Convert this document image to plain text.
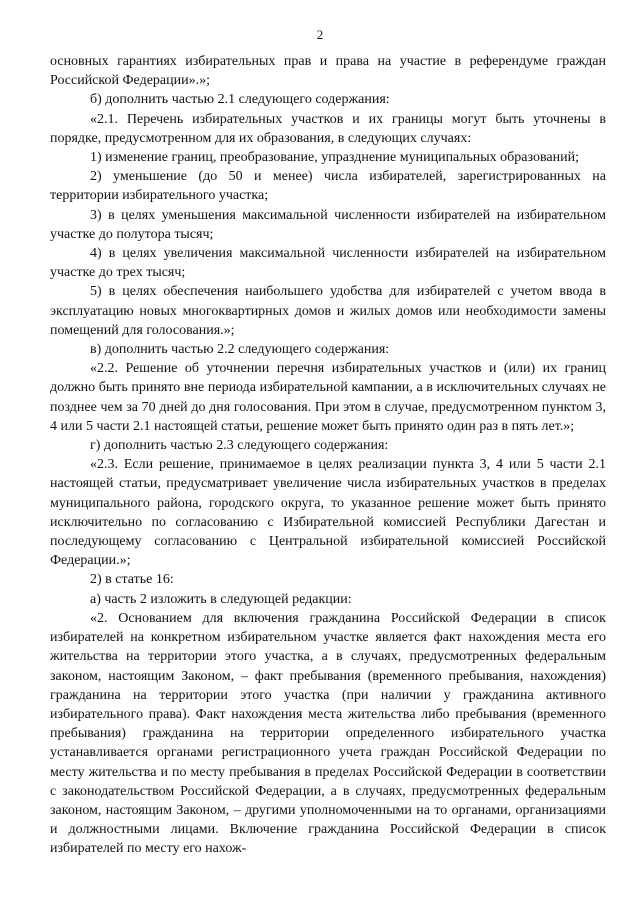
2

основных гарантиях избирательных прав и права на участие в референдуме граждан Российской Федерации».»;

б) дополнить частью 2.1 следующего содержания:

«2.1. Перечень избирательных участков и их границы могут быть уточнены в порядке, предусмотренном для их образования, в следующих случаях:

1) изменение границ, преобразование, упразднение муниципальных образований;

2) уменьшение (до 50 и менее) числа избирателей, зарегистрированных на территории избирательного участка;

3) в целях уменьшения максимальной численности избирателей на избирательном участке до полутора тысяч;

4) в целях увеличения максимальной численности избирателей на избирательном участке до трех тысяч;

5) в целях обеспечения наибольшего удобства для избирателей с учетом ввода в эксплуатацию новых многоквартирных домов и жилых домов или необходимости замены помещений для голосования.»;

в) дополнить частью 2.2 следующего содержания:

«2.2. Решение об уточнении перечня избирательных участков и (или) их границ должно быть принято вне периода избирательной кампании, а в исключительных случаях не позднее чем за 70 дней до дня голосования. При этом в случае, предусмотренном пунктом 3, 4 или 5 части 2.1 настоящей статьи, решение может быть принято один раз в пять лет.»;

г) дополнить частью 2.3 следующего содержания:

«2.3. Если решение, принимаемое в целях реализации пункта 3, 4 или 5 части 2.1 настоящей статьи, предусматривает увеличение числа избирательных участков в пределах муниципального района, городского округа, то указанное решение может быть принято исключительно по согласованию с Избирательной комиссией Республики Дагестан и последующему согласованию с Центральной избирательной комиссией Российской Федерации.»;

2) в статье 16:

а) часть 2 изложить в следующей редакции:

«2. Основанием для включения гражданина Российской Федерации в список избирателей на конкретном избирательном участке является факт нахождения места его жительства на территории этого участка, а в случаях, предусмотренных федеральным законом, настоящим Законом, – факт пребывания (временного пребывания, нахождения) гражданина на территории этого участка (при наличии у гражданина активного избирательного права). Факт нахождения места жительства либо пребывания (временного пребывания) гражданина на территории определенного избирательного участка устанавливается органами регистрационного учета граждан Российской Федерации по месту жительства и по месту пребывания в пределах Российской Федерации в соответствии с законодательством Российской Федерации, а в случаях, предусмотренных федеральным законом, настоящим Законом, – другими уполномоченными на то органами, организациями и должностными лицами. Включение гражданина Российской Федерации в список избирателей по месту его нахож-
